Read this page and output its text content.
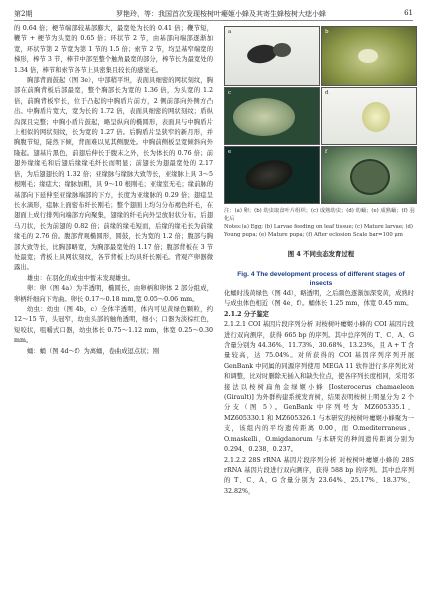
第2期	罗艳玲，等：我国首次发现桉树叶瘿姬小蜂及其寄生蜂桉树大痣小蜂	61

的 0.64 倍；梗节端部较基部膨大，最宽处为长的 0.41 倍；鞭节短，鞭节 + 梗节为头宽的 0.65 倍；环状节 2 节，由基部向端部逐渐加宽，环状节第 2 节宽为第 1 节的 1.5 倍；索节 2 节，均呈基窄端宽的梯形，棒节 3 节，棒节中部至整个触角最宽的部分，棒节长为最宽处的 1.34 倍，棒节和索节各节上具密集且较长的感觉毛。

胸部背面鼓起（图 3e），中部稍平坦，表面具细密的网状刻纹，胸部在前胸背板后部最宽，整个胸部长为宽的 1.36 倍，为头宽的 1.2 倍，前胸背板窄长，位于凸起的中胸盾片前方，2 侧前部向外侧方凸出。中胸盾片宽大，宽为长的 1.72 倍，表面具细密的网状刻纹；盾纵沟深且完整；中胸小盾片鼓起，略呈纵向的椭圆形，表面具与中胸盾片上相似的网状刻纹，长为宽的 1.27 倍。后胸盾片呈狭窄的新月形，并胸腹节短，陡然下倾，背面难以见其侧脱处。中胸前侧板呈宽倾斜向外隆起。翅基片黑色，前翅后伸长于腹末之外，长为体长的 0.76 倍；前翅外缘缘毛和后翅后缘缘毛纤长而明显；前翅长为翅最宽处的 2.17 倍，为后翅翅长的 1.32 倍；亚缘脉与缘脉大致等长，亚缘脉上具 3～5 根刚毛；缘痣大；缘脉加粗，具 9～10 根刚毛；亚缘室无毛；缘前脉的基部向下延伸至亚缘脉端部的下方，长度为亚缘脉的 0.29 倍；翅痣呈长水滴形，痣脉上面密布纤长刚毛；整个翅面上均匀分布褐色纤毛，在翅面上成行排列向端部方向聚集，翅缘的纤毛向外呈放射状分布。后翅马刀状，长为前翅的 0.82 倍；前缘的缘毛短而，后缘的缘毛长为前缘缘毛的 2.76 倍。腹部背观椭圆形，圆鼓，长为宽的 1.2 倍；腹部与胸部大致等长，比胸部略宽，为胸部最宽处的 1.17 倍；腹部背板在 3 节处最宽；背板上具网状刻纹，各节背板上均具纤长刚毛。背观产卵器微露出。

雄虫：在羽化的成虫中暂未发现雄虫。

卵：卵（图 4a）为半透明，椭圆长，由卵柄和卵体 2 部分组成，卵柄纤细向下弯曲。卵长 0.17～0.18 mm,宽 0.05～0.06 mm。

幼虫：幼虫（图 4b，c）全体半透明，体内可见黄绿色颗粒，约 12～15 节，头冠窄，幼虫头部的触角透明，细小；口器为淡棕红色，短咬状，咀嚼式口器，幼虫体长 0.75～1.12 mm，体宽 0.25～0.30 mm。

蛹：蛹（图 4d～f）为离蛹，卷曲成逗点状；刚

a	b
c	d
e	f
注：(a) 卵；(b) 幼虫取食叶片组织；(c) 成熟幼虫；(d) 幼蛹；(e) 成熟蛹；(f) 羽化后
Notes:(a) Egg; (b) Larvae feeding on leaf tissue; (c) Mature larvae; (d) Young pupa; (e) Mature pupa; (f) After eclosion Scale bar=100 μm
图 4 不同虫态发育过程
Fig. 4 The development process of different stages of insects

化蛹时浅黄绿色（图 4d），略透明，之后颜色逐渐加深变黄，成熟时与成虫体色相近（图 4e、f）。蛹体长 1.25 mm，体宽 0.45 mm。

2.1.2 分子鉴定

2.1.2.1 COI 基因片段序列分析 对桉树叶瘿姬小蜂的 COI 基因片段进行双向测序，获得 665 bp 的序列。其中总序列的 T、C、A、G 含量分别为 44.36%、11.73%、30.68%、13.23%，且 A + T 含量较高，达 75.04%。对所获得的 COI 基因序列序列开展 GenBank 中同属的同源序列使用 MEGA 11 软件进行多序列比对和调整，比对时删除无插入和缺失位点，使各序列长度相同，采用邻接法以桉树扁角金绿姬小蜂 [Iosterocerus chamaeleon (Girault)] 为外群构建系统发育树，结果表明桉树上明显分为 2 个分支（图 5）。GenBank 中序列号为 MZ605335.1、MZ605330.1 和 MZ605326.1 与本研究的桉树叶瘿姬小蜂聚为一支，该组内的平均遗传距离 0.00，而 O.mediterraneus、O.maskelli、O.migdanorum 与本研究的种间遗传距离分别为 0.294、0.238、0.237。

2.1.2.2 28S rRNA 基因片段序列分析 对桉树叶瘿姬小蜂的 28S rRNA 基因片段进行双向测序，获得 588 bp 的序列。其中总序列的 T、C、A、G 含量分别为 23.64%、25.17%、18.37%、32.82%，
